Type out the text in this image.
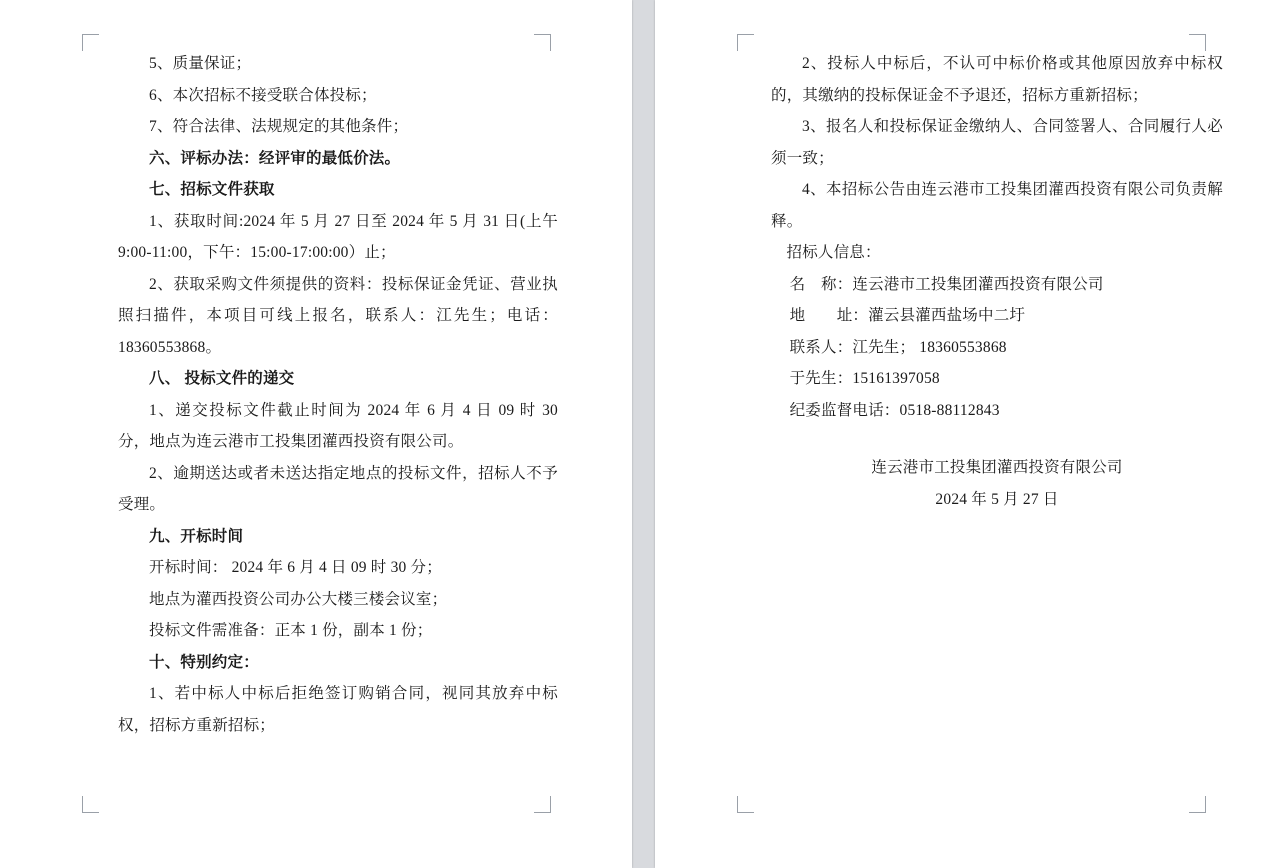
5、质量保证；

6、本次招标不接受联合体投标；

7、符合法律、法规规定的其他条件；

六、评标办法：经评审的最低价法。

七、招标文件获取

1、获取时间:2024 年 5 月 27 日至 2024 年 5 月 31 日(上午 9:00-11:00，下午：15:00-17:00:00）止；

2、获取采购文件须提供的资料：投标保证金凭证、营业执照扫描件，本项目可线上报名，联系人：江先生；电话：18360553868。

八、 投标文件的递交

1、递交投标文件截止时间为 2024 年 6 月 4 日 09 时 30 分，地点为连云港市工投集团灌西投资有限公司。

2、逾期送达或者未送达指定地点的投标文件，招标人不予受理。

九、开标时间

开标时间： 2024 年 6 月 4 日 09 时 30 分；

地点为灌西投资公司办公大楼三楼会议室；

投标文件需准备：正本 1 份，副本 1 份；

十、特别约定：

1、若中标人中标后拒绝签订购销合同，视同其放弃中标权，招标方重新招标；

2、投标人中标后，不认可中标价格或其他原因放弃中标权的，其缴纳的投标保证金不予退还，招标方重新招标；

3、报名人和投标保证金缴纳人、合同签署人、合同履行人必须一致；

4、本招标公告由连云港市工投集团灌西投资有限公司负责解释。

招标人信息：

名　称：连云港市工投集团灌西投资有限公司

地　　址：灌云县灌西盐场中二圩

联系人：江先生； 18360553868

于先生：15161397058

纪委监督电话：0518-88112843

连云港市工投集团灌西投资有限公司

2024 年 5 月 27 日
